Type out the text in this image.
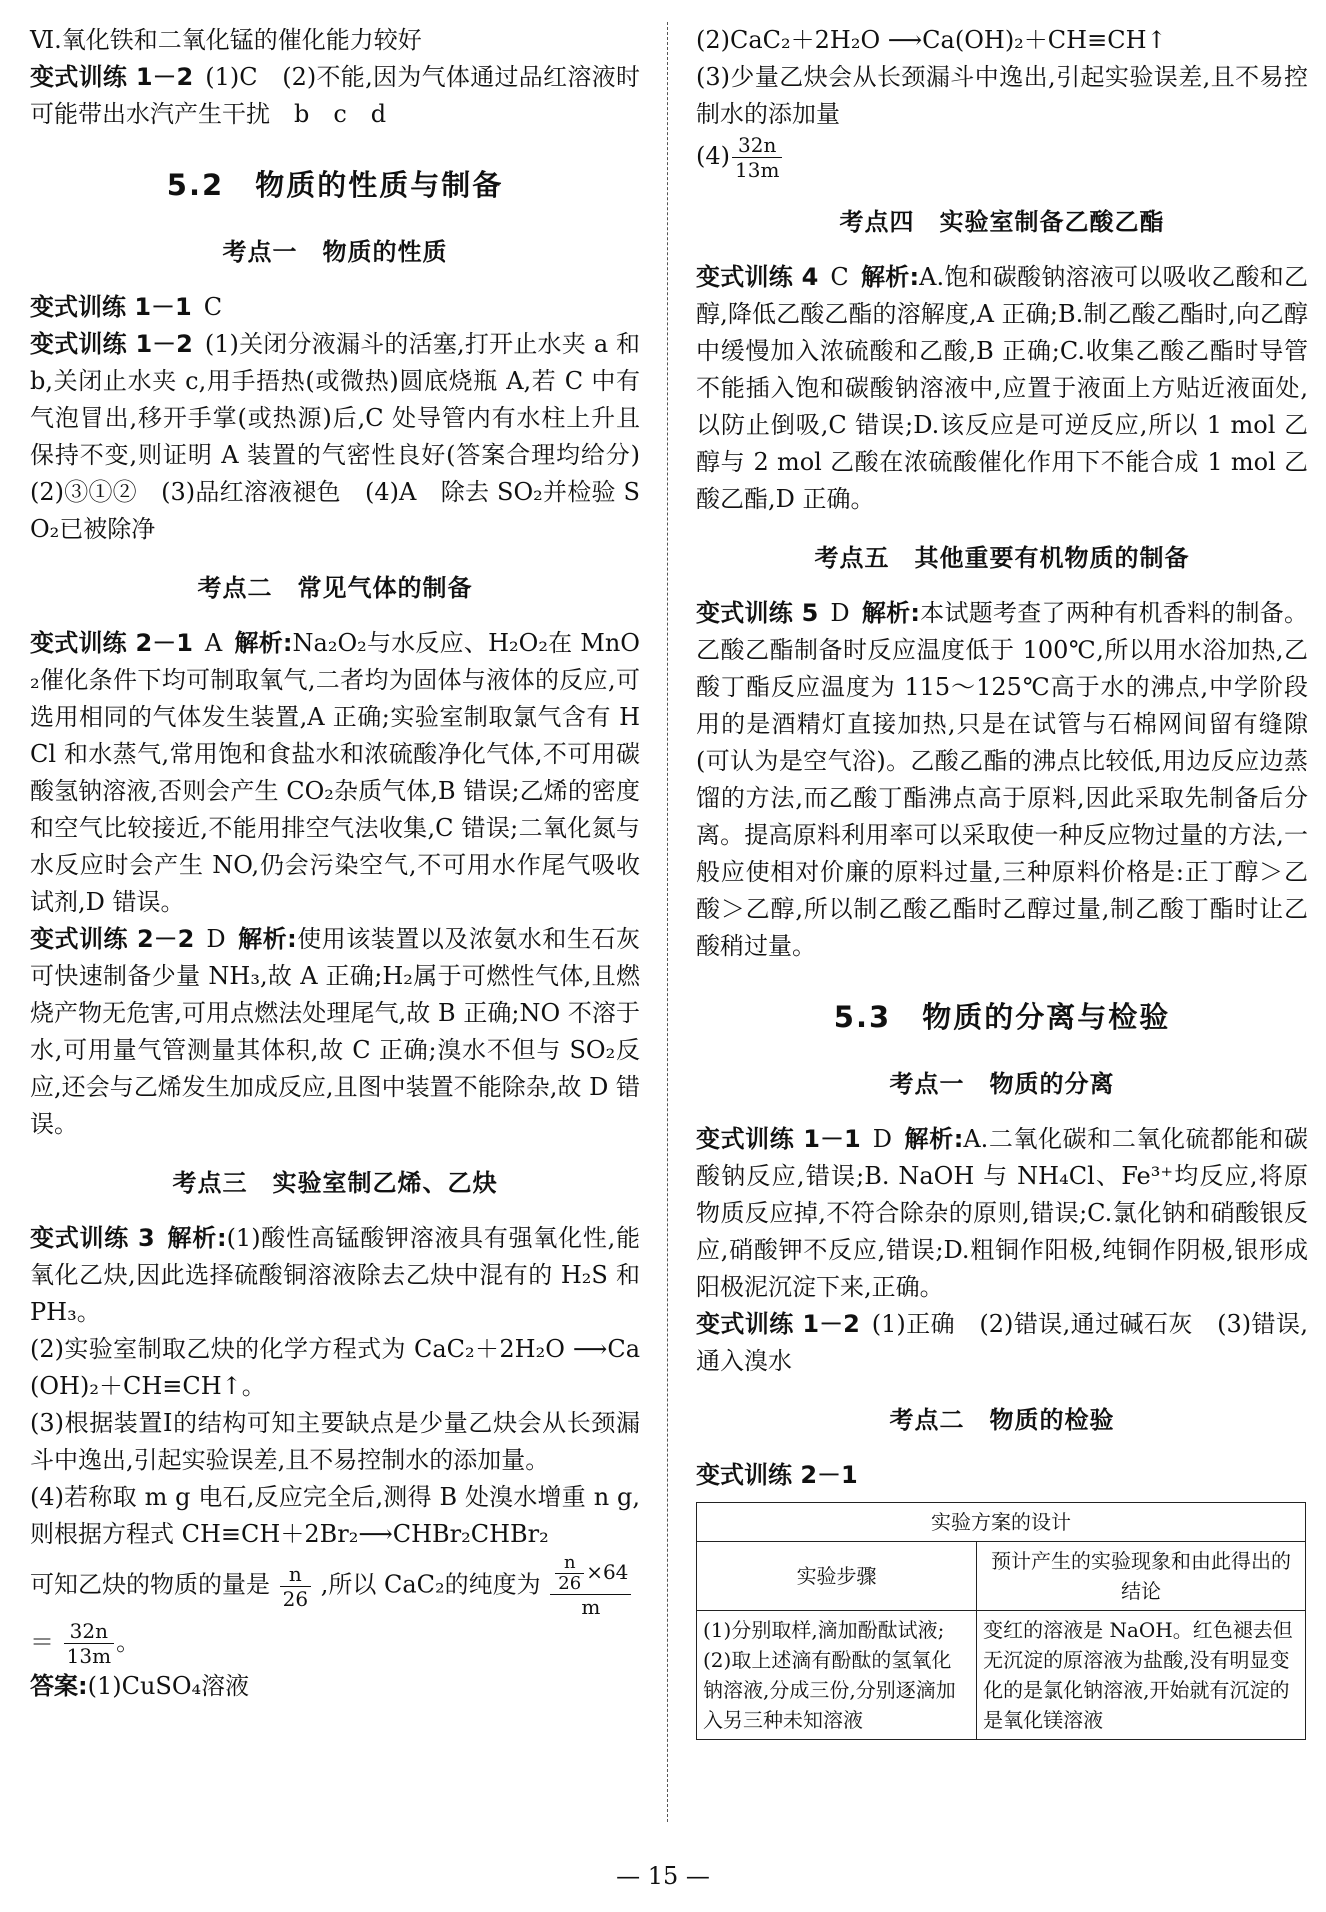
Ⅵ.氧化铁和二氧化锰的催化能力较好

变式训练 1－2 (1)C　(2)不能,因为气体通过品红溶液时可能带出水汽产生干扰　b　c　d

5.2　 物质的性质与制备
考点一　物质的性质

变式训练 1－1 C

变式训练 1－2 (1)关闭分液漏斗的活塞,打开止水夹 a 和 b,关闭止水夹 c,用手捂热(或微热)圆底烧瓶 A,若 C 中有气泡冒出,移开手掌(或热源)后,C 处导管内有水柱上升且保持不变,则证明 A 装置的气密性良好(答案合理均给分)　(2)③①②　(3)品红溶液褪色　(4)A　除去 SO₂并检验 SO₂已被除净

考点二　常见气体的制备

变式训练 2－1 A 解析:Na₂O₂与水反应、H₂O₂在 MnO₂催化条件下均可制取氧气,二者均为固体与液体的反应,可选用相同的气体发生装置,A 正确;实验室制取氯气含有 HCl 和水蒸气,常用饱和食盐水和浓硫酸净化气体,不可用碳酸氢钠溶液,否则会产生 CO₂杂质气体,B 错误;乙烯的密度和空气比较接近,不能用排空气法收集,C 错误;二氧化氮与水反应时会产生 NO,仍会污染空气,不可用水作尾气吸收试剂,D 错误。

变式训练 2－2 D 解析:使用该装置以及浓氨水和生石灰可快速制备少量 NH₃,故 A 正确;H₂属于可燃性气体,且燃烧产物无危害,可用点燃法处理尾气,故 B 正确;NO 不溶于水,可用量气管测量其体积,故 C 正确;溴水不但与 SO₂反应,还会与乙烯发生加成反应,且图中装置不能除杂,故 D 错误。

考点三　实验室制乙烯、乙炔

变式训练 3 解析:(1)酸性高锰酸钾溶液具有强氧化性,能氧化乙炔,因此选择硫酸铜溶液除去乙炔中混有的 H₂S 和 PH₃。

(2)实验室制取乙炔的化学方程式为 CaC₂＋2H₂O ⟶Ca(OH)₂＋CH≡CH↑。

(3)根据装置Ⅰ的结构可知主要缺点是少量乙炔会从长颈漏斗中逸出,引起实验误差,且不易控制水的添加量。

(4)若称取 m g 电石,反应完全后,测得 B 处溴水增重 n g,则根据方程式 CH≡CH＋2Br₂⟶CHBr₂CHBr₂

可知乙炔的物质的量是 $\frac{n}{26}$ ,所以 CaC₂的纯度为 $\frac{\frac{n}{26} \times 64}{m}$
＝ $\frac{32n}{13m}$ 。

答案:(1)CuSO₄溶液

(2)CaC₂＋2H₂O ⟶Ca(OH)₂＋CH≡CH↑

(3)少量乙炔会从长颈漏斗中逸出,引起实验误差,且不易控制水的添加量

$(4) \frac{32n}{13m}$
考点四　实验室制备乙酸乙酯

变式训练 4 C 解析:A.饱和碳酸钠溶液可以吸收乙酸和乙醇,降低乙酸乙酯的溶解度,A 正确;B.制乙酸乙酯时,向乙醇中缓慢加入浓硫酸和乙酸,B 正确;C.收集乙酸乙酯时导管不能插入饱和碳酸钠溶液中,应置于液面上方贴近液面处,以防止倒吸,C 错误;D.该反应是可逆反应,所以 1 mol 乙醇与 2 mol 乙酸在浓硫酸催化作用下不能合成 1 mol 乙酸乙酯,D 正确。

考点五　其他重要有机物质的制备

变式训练 5 D 解析:本试题考查了两种有机香料的制备。乙酸乙酯制备时反应温度低于 100℃,所以用水浴加热,乙酸丁酯反应温度为 115～125℃高于水的沸点,中学阶段用的是酒精灯直接加热,只是在试管与石棉网间留有缝隙(可认为是空气浴)。乙酸乙酯的沸点比较低,用边反应边蒸馏的方法,而乙酸丁酯沸点高于原料,因此采取先制备后分离。提高原料利用率可以采取使一种反应物过量的方法,一般应使相对价廉的原料过量,三种原料价格是:正丁醇＞乙酸＞乙醇,所以制乙酸乙酯时乙醇过量,制乙酸丁酯时让乙酸稍过量。

5.3　 物质的分离与检验
考点一　物质的分离

变式训练 1－1 D 解析:A.二氧化碳和二氧化硫都能和碳酸钠反应,错误;B. NaOH 与 NH₄Cl、Fe³⁺均反应,将原物质反应掉,不符合除杂的原则,错误;C.氯化钠和硝酸银反应,硝酸钾不反应,错误;D.粗铜作阳极,纯铜作阴极,银形成阳极泥沉淀下来,正确。

变式训练 1－2 (1)正确　(2)错误,通过碱石灰　(3)错误,通入溴水

考点二　物质的检验

变式训练 2－1

实验方案的设计	
实验步骤	预计产生的实验现象和由此得出的结论
(1)分别取样,滴加酚酞试液;(2)取上述滴有酚酞的氢氧化钠溶液,分成三份,分别逐滴加入另三种未知溶液	变红的溶液是 NaOH。红色褪去但无沉淀的原溶液为盐酸,没有明显变化的是氯化钠溶液,开始就有沉淀的是氧化镁溶液
— 15 —
